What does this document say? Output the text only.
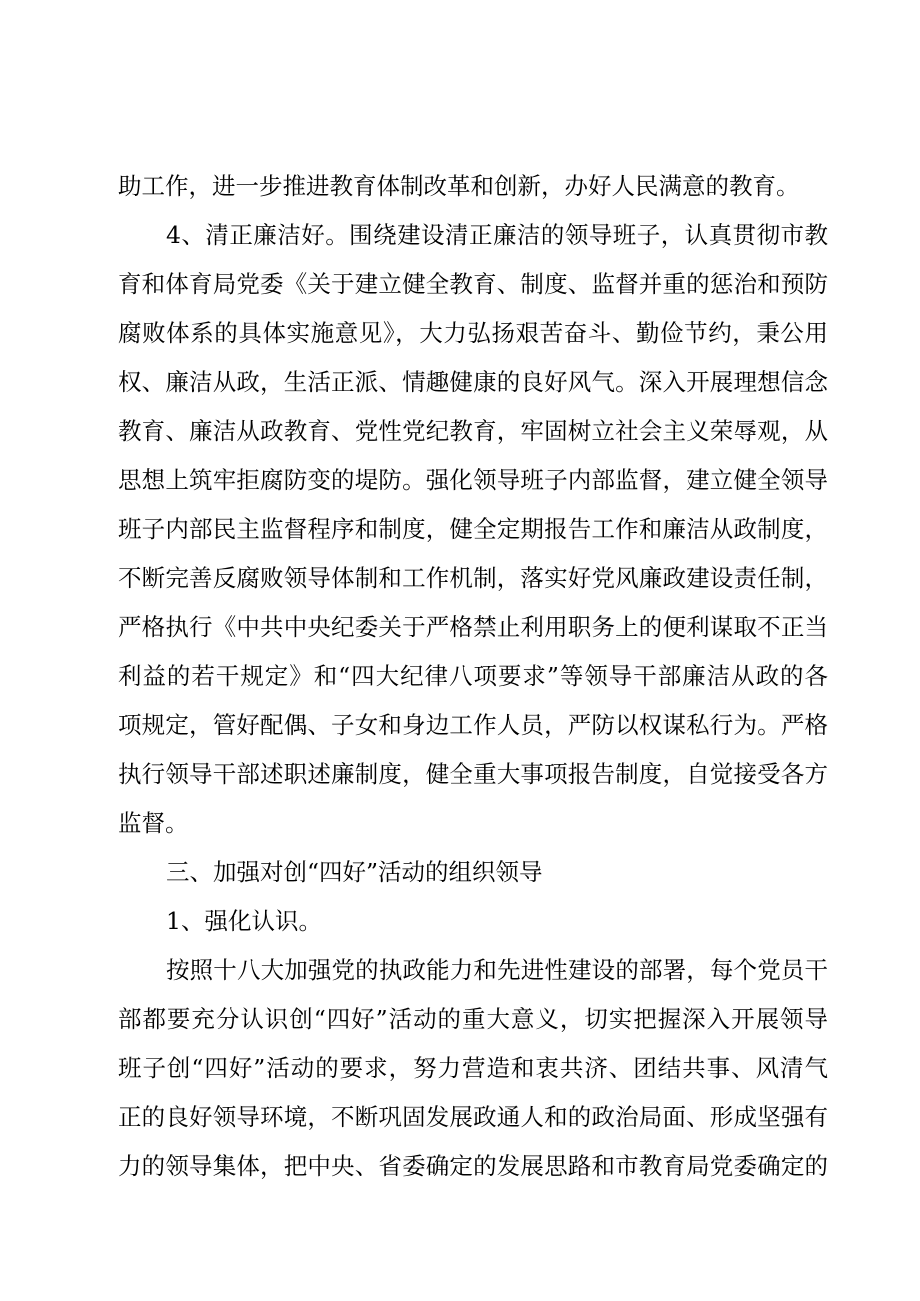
助工作，进一步推进教育体制改革和创新，办好人民满意的教育。
4、清正廉洁好。围绕建设清正廉洁的领导班子，认真贯彻市教
育和体育局党委《关于建立健全教育、制度、监督并重的惩治和预防
腐败体系的具体实施意见》，大力弘扬艰苦奋斗、勤俭节约，秉公用
权、廉洁从政，生活正派、情趣健康的良好风气。深入开展理想信念
教育、廉洁从政教育、党性党纪教育，牢固树立社会主义荣辱观，从
思想上筑牢拒腐防变的堤防。强化领导班子内部监督，建立健全领导
班子内部民主监督程序和制度，健全定期报告工作和廉洁从政制度，
不断完善反腐败领导体制和工作机制，落实好党风廉政建设责任制，
严格执行《中共中央纪委关于严格禁止利用职务上的便利谋取不正当
利益的若干规定》和“四大纪律八项要求”等领导干部廉洁从政的各
项规定，管好配偶、子女和身边工作人员，严防以权谋私行为。严格
执行领导干部述职述廉制度，健全重大事项报告制度，自觉接受各方
监督。
三、加强对创“四好”活动的组织领导
1、强化认识。
按照十八大加强党的执政能力和先进性建设的部署，每个党员干
部都要充分认识创“四好”活动的重大意义，切实把握深入开展领导
班子创“四好”活动的要求，努力营造和衷共济、团结共事、风清气
正的良好领导环境，不断巩固发展政通人和的政治局面、形成坚强有
力的领导集体，把中央、省委确定的发展思路和市教育局党委确定的
